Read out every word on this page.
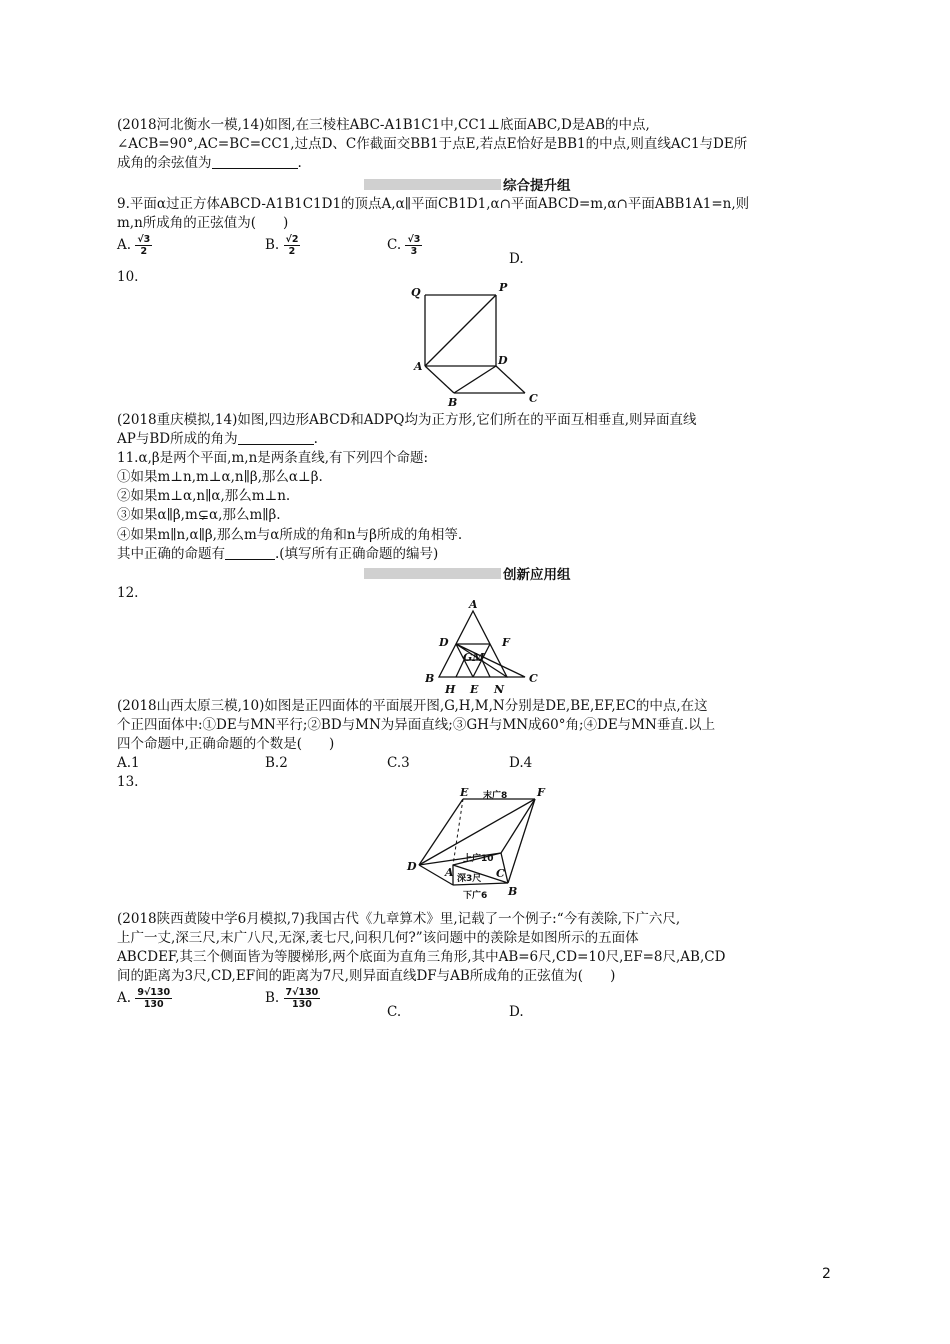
(2018河北衡水一模,14)如图,在三棱柱ABC-A1B1C1中,CC1⊥底面ABC,D是AB的中点,
∠ACB=90°,AC=BC=CC1,过点D、C作截面交BB1于点E,若点E恰好是BB1的中点,则直线AC1与DE所
成角的余弦值为	.
综合提升组
9.平面α过正方体ABCD-A1B1C1D1的顶点A,α∥平面CB1D1,α∩平面ABCD=m,α∩平面ABB1A1=n,则
m,n所成角的正弦值为(　　)
A. $\frac{√3}{2}$	B. $\frac{√2}{2}$	C. $\frac{√3}{3}$
D.
10.
Q	P
A	D
B	C
(2018重庆模拟,14)如图,四边形ABCD和ADPQ均为正方形,它们所在的平面互相垂直,则异面直线
AP与BD所成的角为	.
11.α,β是两个平面,m,n是两条直线,有下列四个命题:
①如果m⊥n,m⊥α,n∥β,那么α⊥β.
②如果m⊥α,n∥α,那么m⊥n.
③如果α∥β,m⊊α,那么m∥β.
④如果m∥n,α∥β,那么m与α所成的角和n与β所成的角相等.
其中正确的命题有	.(填写所有正确命题的编号)
创新应用组
12.
A
D	F
GM
B	C
H E N
(2018山西太原三模,10)如图是正四面体的平面展开图,G,H,M,N分别是DE,BE,EF,EC的中点,在这
个正四面体中:①DE与MN平行;②BD与MN为异面直线;③GH与MN成60°角;④DE与MN垂直.以上
四个命题中,正确命题的个数是(　　)
A.1	B.2	C.3	D.4
13.
E	F
D	A	C
B
末广8
上广10
深3尺
下广6
(2018陕西黄陵中学6月模拟,7)我国古代《九章算术》里,记载了一个例子:“今有羡除,下广六尺,
上广一丈,深三尺,末广八尺,无深,袤七尺,问积几何?”该问题中的羡除是如图所示的五面体
ABCDEF,其三个侧面皆为等腰梯形,两个底面为直角三角形,其中AB=6尺,CD=10尺,EF=8尺,AB,CD
间的距离为3尺,CD,EF间的距离为7尺,则异面直线DF与AB所成角的正弦值为(　　)
A. $\frac{9√130}{130}$	B. $\frac{7√130}{130}$
C.	D.
2
